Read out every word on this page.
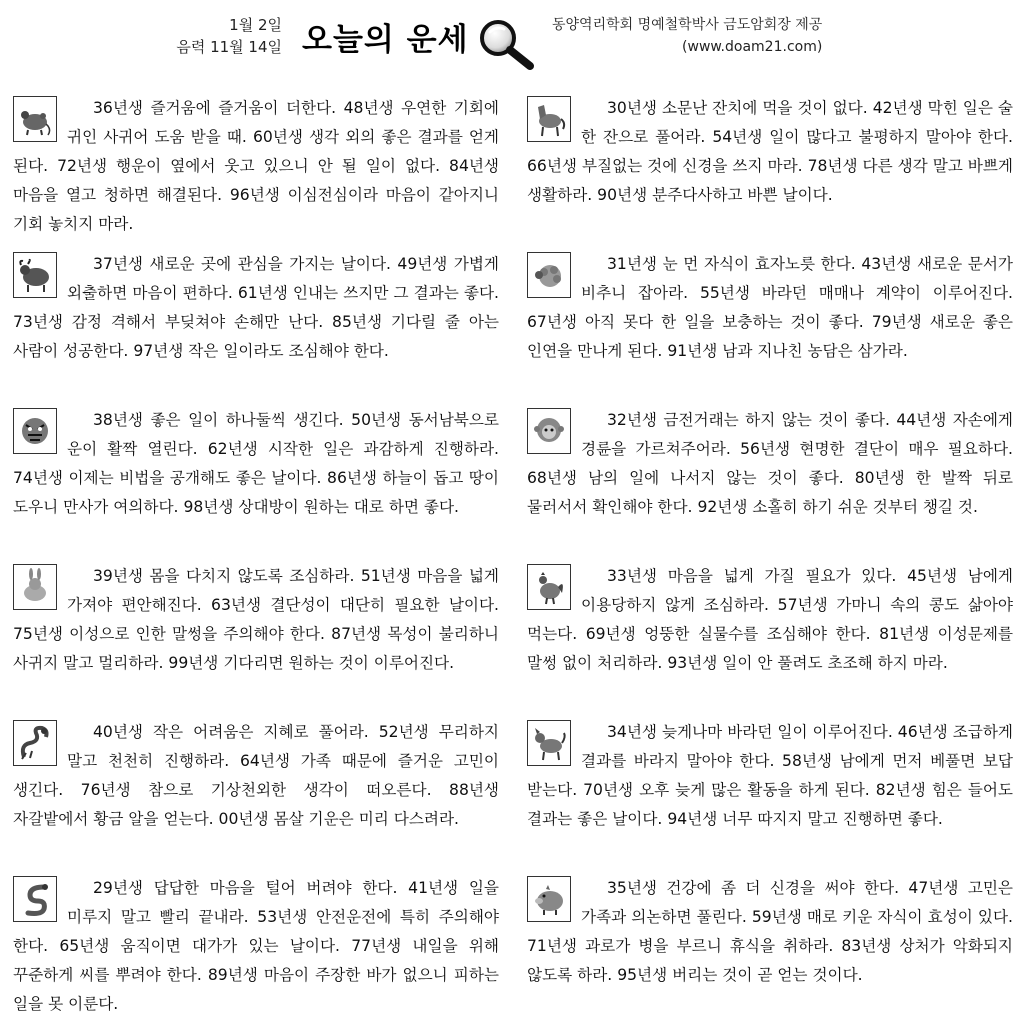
1월 2일
음력 11월 14일 오늘의 운세	동양역리학회 명예철학박사 금도암회장 제공
(www.doam21.com)

36년생 즐거움에 즐거움이 더한다. 48년생 우연한 기회에 귀인 사귀어 도움 받을 때. 60년생 생각 외의 좋은 결과를 얻게 된다. 72년생 행운이 옆에서 웃고 있으니 안 될 일이 없다. 84년생 마음을 열고 청하면 해결된다. 96년생 이심전심이라 마음이 같아지니 기회 놓치지 마라.

37년생 새로운 곳에 관심을 가지는 날이다. 49년생 가볍게 외출하면 마음이 편하다. 61년생 인내는 쓰지만 그 결과는 좋다. 73년생 감정 격해서 부딪쳐야 손해만 난다. 85년생 기다릴 줄 아는 사람이 성공한다. 97년생 작은 일이라도 조심해야 한다.

38년생 좋은 일이 하나둘씩 생긴다. 50년생 동서남북으로 운이 활짝 열린다. 62년생 시작한 일은 과감하게 진행하라. 74년생 이제는 비법을 공개해도 좋은 날이다. 86년생 하늘이 돕고 땅이 도우니 만사가 여의하다. 98년생 상대방이 원하는 대로 하면 좋다.

39년생 몸을 다치지 않도록 조심하라. 51년생 마음을 넓게 가져야 편안해진다. 63년생 결단성이 대단히 필요한 날이다. 75년생 이성으로 인한 말썽을 주의해야 한다. 87년생 목성이 불리하니 사귀지 말고 멀리하라. 99년생 기다리면 원하는 것이 이루어진다.

40년생 작은 어려움은 지혜로 풀어라. 52년생 무리하지 말고 천천히 진행하라. 64년생 가족 때문에 즐거운 고민이 생긴다. 76년생 참으로 기상천외한 생각이 떠오른다. 88년생 자갈밭에서 황금 알을 얻는다. 00년생 몸살 기운은 미리 다스려라.

29년생 답답한 마음을 털어 버려야 한다. 41년생 일을 미루지 말고 빨리 끝내라. 53년생 안전운전에 특히 주의해야 한다. 65년생 움직이면 대가가 있는 날이다. 77년생 내일을 위해 꾸준하게 씨를 뿌려야 한다. 89년생 마음이 주장한 바가 없으니 피하는 일을 못 이룬다.

30년생 소문난 잔치에 먹을 것이 없다. 42년생 막힌 일은 술 한 잔으로 풀어라. 54년생 일이 많다고 불평하지 말아야 한다. 66년생 부질없는 것에 신경을 쓰지 마라. 78년생 다른 생각 말고 바쁘게 생활하라. 90년생 분주다사하고 바쁜 날이다.

31년생 눈 먼 자식이 효자노릇 한다. 43년생 새로운 문서가 비추니 잡아라. 55년생 바라던 매매나 계약이 이루어진다. 67년생 아직 못다 한 일을 보충하는 것이 좋다. 79년생 새로운 좋은 인연을 만나게 된다. 91년생 남과 지나친 농담은 삼가라.

32년생 금전거래는 하지 않는 것이 좋다. 44년생 자손에게 경륜을 가르쳐주어라. 56년생 현명한 결단이 매우 필요하다. 68년생 남의 일에 나서지 않는 것이 좋다. 80년생 한 발짝 뒤로 물러서서 확인해야 한다. 92년생 소홀히 하기 쉬운 것부터 챙길 것.

33년생 마음을 넓게 가질 필요가 있다. 45년생 남에게 이용당하지 않게 조심하라. 57년생 가마니 속의 콩도 삶아야 먹는다. 69년생 엉뚱한 실물수를 조심해야 한다. 81년생 이성문제를 말썽 없이 처리하라. 93년생 일이 안 풀려도 초조해 하지 마라.

34년생 늦게나마 바라던 일이 이루어진다. 46년생 조급하게 결과를 바라지 말아야 한다. 58년생 남에게 먼저 베풀면 보답 받는다. 70년생 오후 늦게 많은 활동을 하게 된다. 82년생 힘은 들어도 결과는 좋은 날이다. 94년생 너무 따지지 말고 진행하면 좋다.

35년생 건강에 좀 더 신경을 써야 한다. 47년생 고민은 가족과 의논하면 풀린다. 59년생 매로 키운 자식이 효성이 있다. 71년생 과로가 병을 부르니 휴식을 취하라. 83년생 상처가 악화되지 않도록 하라. 95년생 버리는 것이 곧 얻는 것이다.
